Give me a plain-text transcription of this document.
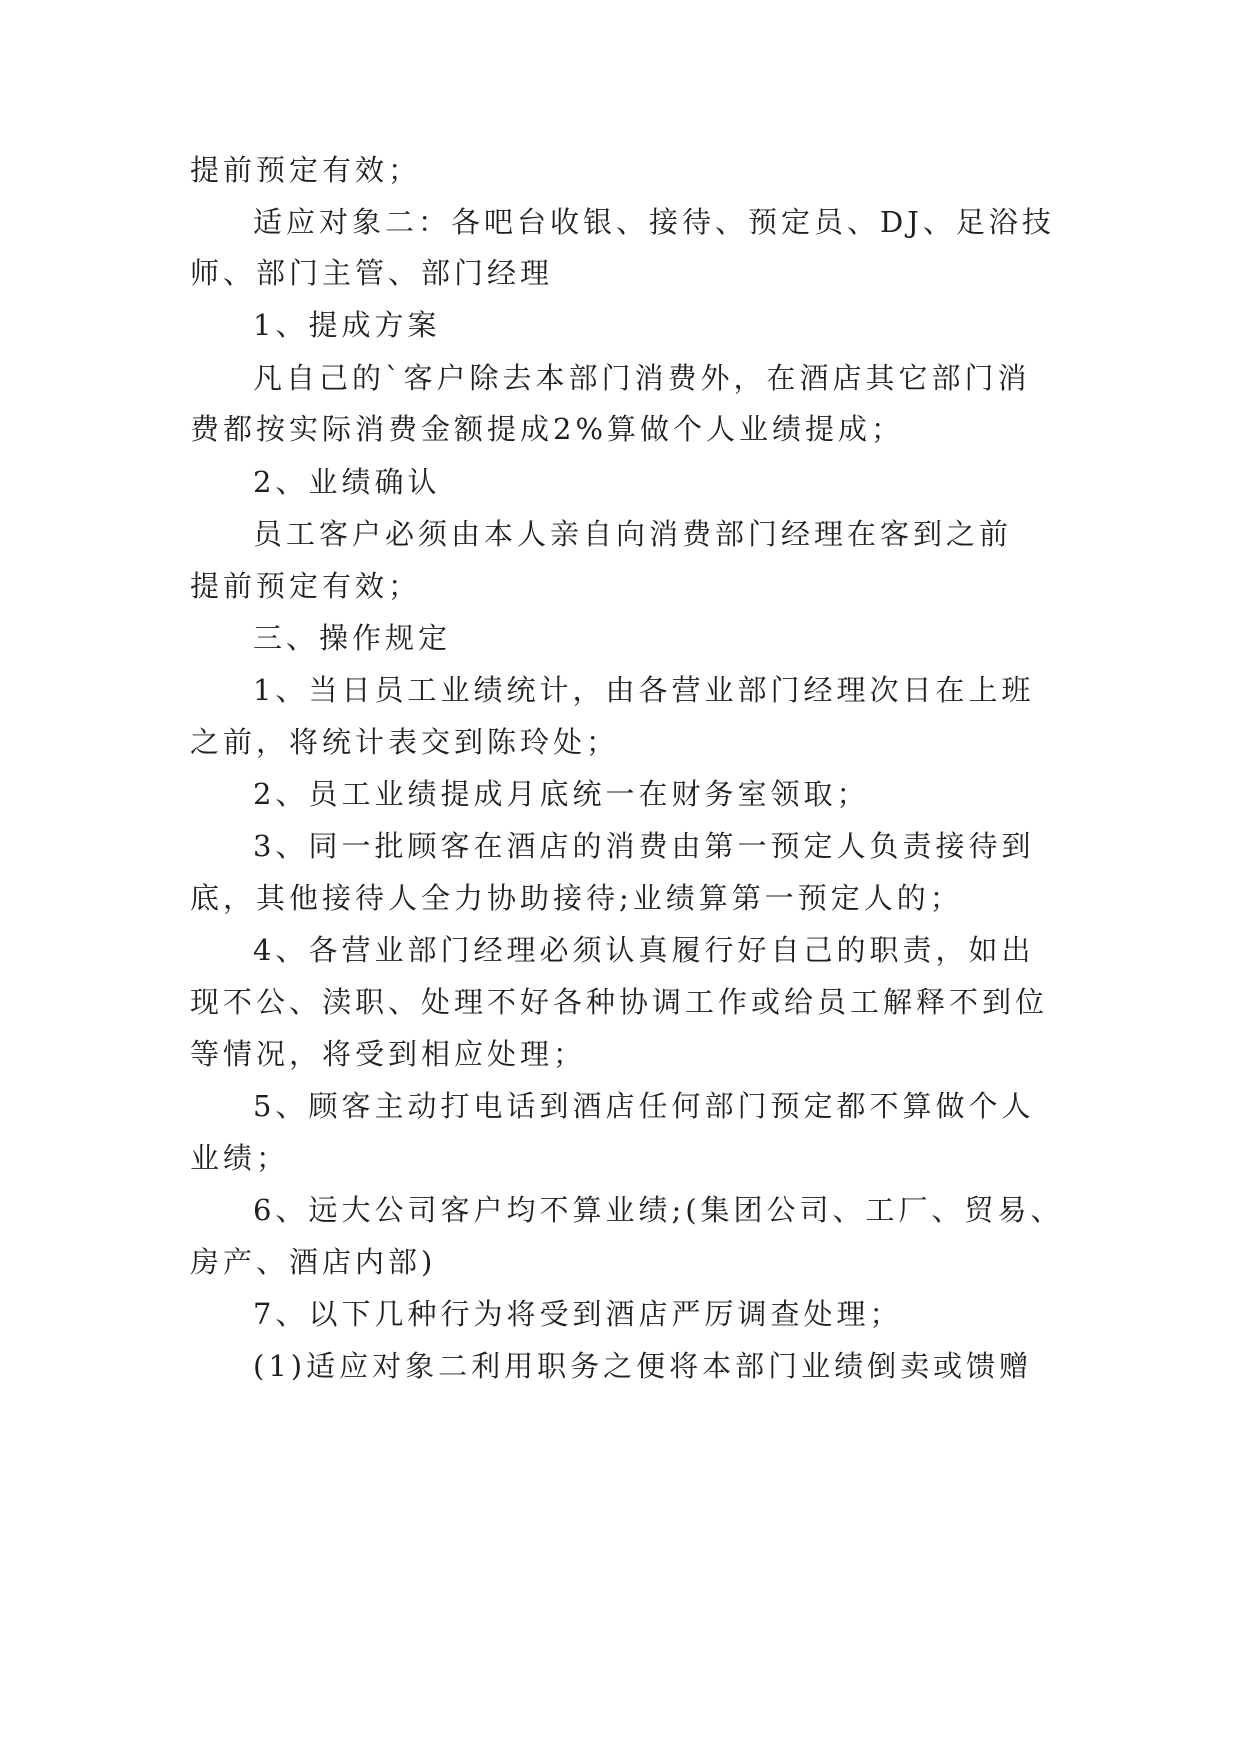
提前预定有效；
适应对象二：各吧台收银、接待、预定员、DJ、足浴技
师、部门主管、部门经理
1、提成方案
凡自己的`客户除去本部门消费外，在酒店其它部门消
费都按实际消费金额提成2%算做个人业绩提成；
2、业绩确认
员工客户必须由本人亲自向消费部门经理在客到之前
提前预定有效；
三、操作规定
1、当日员工业绩统计，由各营业部门经理次日在上班
之前，将统计表交到陈玲处；
2、员工业绩提成月底统一在财务室领取；
3、同一批顾客在酒店的消费由第一预定人负责接待到
底，其他接待人全力协助接待;业绩算第一预定人的；
4、各营业部门经理必须认真履行好自己的职责，如出
现不公、渎职、处理不好各种协调工作或给员工解释不到位
等情况，将受到相应处理；
5、顾客主动打电话到酒店任何部门预定都不算做个人
业绩；
6、远大公司客户均不算业绩;(集团公司、工厂、贸易、
房产、酒店内部)
7、以下几种行为将受到酒店严厉调查处理；
(1)适应对象二利用职务之便将本部门业绩倒卖或馈赠
